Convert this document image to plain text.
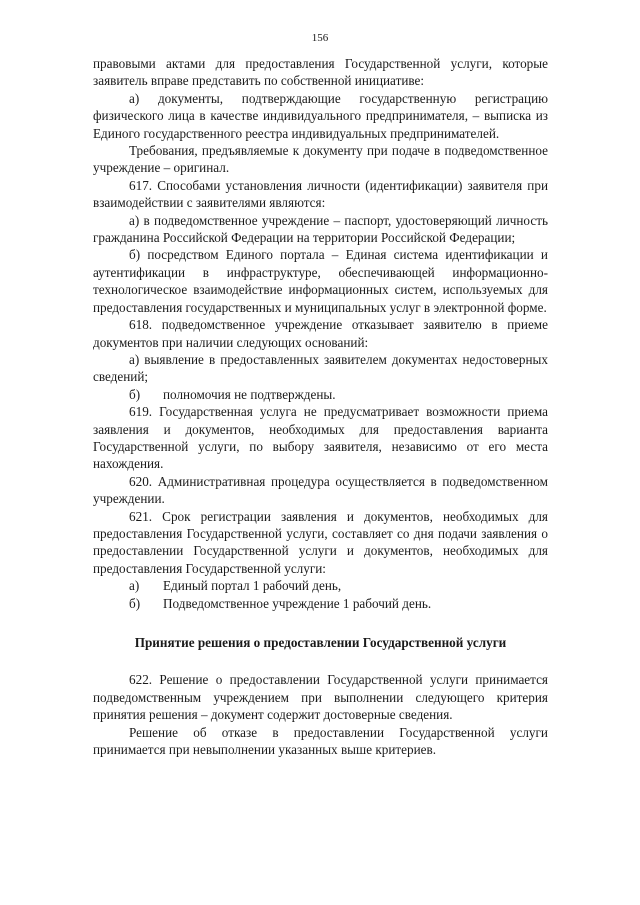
156

правовыми актами для предоставления Государственной услуги, которые заявитель вправе представить по собственной инициативе:

а) документы, подтверждающие государственную регистрацию физического лица в качестве индивидуального предпринимателя, – выписка из Единого государственного реестра индивидуальных предпринимателей.

Требования, предъявляемые к документу при подаче в подведомственное учреждение – оригинал.

617. Способами установления личности (идентификации) заявителя при взаимодействии с заявителями являются:

а) в подведомственное учреждение – паспорт, удостоверяющий личность гражданина Российской Федерации на территории Российской Федерации;

б) посредством Единого портала – Единая система идентификации и аутентификации в инфраструктуре, обеспечивающей информационно-технологическое взаимодействие информационных систем, используемых для предоставления государственных и муниципальных услуг в электронной форме.

618. подведомственное учреждение отказывает заявителю в приеме документов при наличии следующих оснований:

а) выявление в предоставленных заявителем документах недостоверных сведений;

б)	полномочия не подтверждены.

619. Государственная услуга не предусматривает возможности приема заявления и документов, необходимых для предоставления варианта Государственной услуги, по выбору заявителя, независимо от его места нахождения.

620. Административная процедура осуществляется в подведомственном учреждении.

621. Срок регистрации заявления и документов, необходимых для предоставления Государственной услуги, составляет со дня подачи заявления о предоставлении Государственной услуги и документов, необходимых для предоставления Государственной услуги:

а)	Единый портал 1 рабочий день,
б)	Подведомственное учреждение 1 рабочий день.

Принятие решения о предоставлении Государственной услуги

622. Решение о предоставлении Государственной услуги принимается подведомственным учреждением при выполнении следующего критерия принятия решения – документ содержит достоверные сведения.

Решение об отказе в предоставлении Государственной услуги принимается при невыполнении указанных выше критериев.
